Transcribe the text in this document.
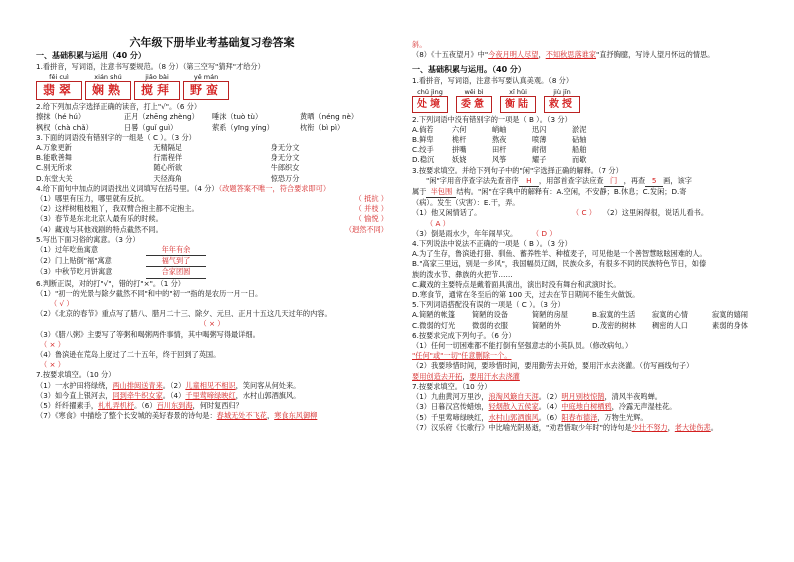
六年级下册毕业考基础复习卷答案
一、基础积累与运用（40 分）
1.看拼音，写词语，注意书写要规范。（8 分）（第三空写"猜拜"才给分）
fěi cuì
翡翠
xián shú
娴熟
jiǎo bài
搅拜
yě mán
野蛮
2.给下列加点字选择正确的读音，打上"√"。（6 分）
擦抹（hé hú）	正月（zhēng zhèng）	唾沫（tuò tù）	黄晒（néng nè）
枫杈（chà chǎ）	日晷（guǐ guì）	萦系（yīng yíng）	枕衔（bì pì）
3.下面的词语没有错别字的一组是（ C ）。（3 分）
A.万象更新	无精隔足	身无分文
B.能歌善舞	行需程佯	身无分文
C.别无所求	随心所欲	牛郎织女
D.东堂大关	天径海角	惊恐万分
4.给下面句中加点的词语找出义词填写在括号里。（4 分）（改题答案不唯一，符合要求即可）
（1）哪里有压力，哪里就有反抗。	（ 抵抗 ）
（2）这样树粗枝粗丫，我双臂合抱主都不定抱主。	（ 并枝 ）
（3）春节是东北北京人最有乐的时候。	（ 愉悦 ）
（4）藏戏与其他戏剧的特点截然不同。	（迥然不同）
5.写出下面习俗的寓意。（3 分）
（1）过年吃鱼寓意	年年有余
（2）门上贴倒"福"寓意	福气到了
（3）中秋节吃月饼寓意	合家团圆
6.判断正误，对的打"√"，错的打"×"。（1 分）
（1）"初一的光景与除夕截然不同"和中的"初一"指的是农历一月一日。
（ √ ）
（2）《北京的春节》重点写了腊八、腊月二十三、除夕、元旦、正月十五这几天过年的内容。
（ × ）
（3）《腊八粥》主要写了等粥和喝粥两件事情，其中喝粥写得最详细。
（ × ）
（4）鲁滨逊在荒岛上度过了二十五年，终于回到了英国。
（ × ）
7.按要求填空。（10 分）
（1）一水护田将绿绕，两山排闼送青来。（2）儿童相见不相识，笑问客从何处来。
（3）如今直上银河去，同到牵牛织女家。（4）千里莺啼绿映红，水村山郭酒旗风。
（5）纤纤擢素手，札札弄机杼。（6）百川东到海，何时复西归？
（7）《寒食》中描绘了整个长安城的美好春景的诗句是：春城无处不飞花，寒食东风御柳
斜。
（8）《十五夜望月》中"今夜月明人尽望，不知秋思落谁家"直抒胸臆，写诗人望月怀远的情思。
一、基础积累与运用。（40 分）
1.看拼音，写词语，注意书写要认真美观。（8 分）
chǔ jìng
处境
wěi bì
委惫
xī hǔi
衡陆
jiù jīn
救授
2.下列词语中没有错别字的一项是（ B ）。（3 分）
A.倘若	六何	峭岫	迅闪	淤泥
B.鲜卑	桅杆	熬夜	喷薄	砧轴
C.绞手	拼嘴	田杆	耐彻	船舶
D.稳沉	妖娆	风筝	耀子	而歇
3.按要求填空。并给下列句子中的"闲"字选择正确的解释。（7 分）
"闲"字用音序查字法先查音序 H ，用部首查字法应查 门 ，再查 5 画，该字
属于 半包围 结构。"闲"在字典中的解释有：A.空闲，不安静；B.休息；C.发闲；D.寄
（病）。发生（灾害）：E.干，弄。
（1）他又闲情话了。	（ C ） （2）这里闲得很，说话儿看书。
（ A ）
（3）倒是雨水少，年年闹旱灾。 （ D ）
4.下列说法中说法不正确的一项是（ B ）。（3 分）
A.为了生存，鲁滨逊打猎、驯鱼、蓄养牲羊、种植麦子，可见他是一个善智慧眩眩困难的人。
B."高家三里远，别是一乡风"，我国幅员辽阔，民族众多，有很多不同的民族特色节日，如傣
族的泼水节、彝族的火把节……
C.藏戏的主要特点是戴着面具演出，演出时没有舞台和武演时长。
D.寒食节，通常在冬至后的第 100 天，过去在节日期间不能生火做饭。
5.下列词语搭配没有误的一项是（ C ）。（3 分）
A.简陋的帐篷	简陋的设备	简陋的房屋	B.寂寞的生活	寂寞的心情	寂寞的嬉闹
C.微弱的灯光	微弱的衣服	简陋的外	D.茂密的树林	稠密的人口	素弱的身体
6.按要求完成下列句子。（6 分）
（1）任何一切困难都不能打倒有坚强意志的小英队员。（修改病句。）
"任何"或"一切"任意删除一个。
（2）我要珍惜时间，要珍惜时间，要用勤劳去开始，要用汗水去浇灌。（仿写画线句子）
要用创造去开拓，要用汗水去浇灌
7.按要求填空。（10 分）
（1）九曲黄河万里沙，浪淘风簸自天涯。（2）明月别枝惊鹊，清风半夜鸣蝉。
（3）日暮汉宫传蜡烛，轻烟散入五侯家。（4）中庭地白树栖鸦，冷露无声湿桂花。
（5）千里莺啼绿映红，水村山郭酒旗风。（6）阳春布德泽，万物生光辉。
（7）汉乐府《长歌行》中比喻光阴易逝，"劝君惜取少年时"的诗句是少壮不努力，老大徒伤悲。
